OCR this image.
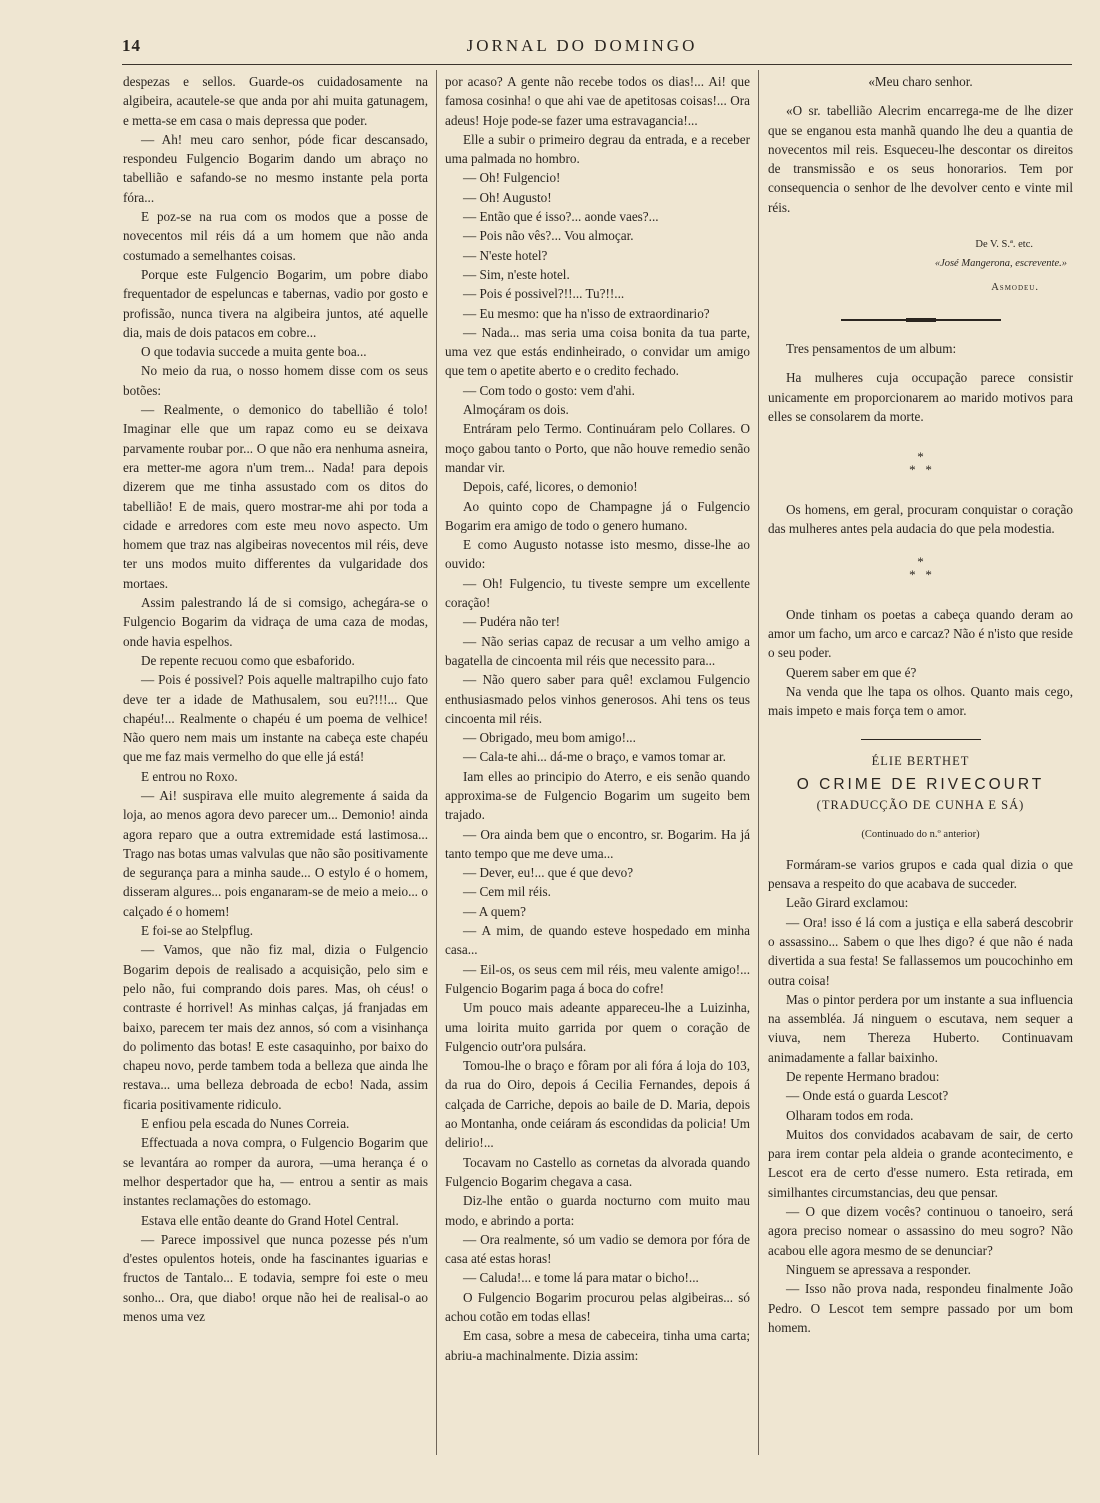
14	JORNAL DO DOMINGO

despezas e sellos. Guarde-os cuidadosamente na algibeira, acautele-se que anda por ahi muita gatunagem, e metta-se em casa o mais depressa que poder.

— Ah! meu caro senhor, póde ficar descansado, respondeu Fulgencio Bogarim dando um abraço no tabellião e safando-se no mesmo instante pela porta fóra...

E poz-se na rua com os modos que a posse de novecentos mil réis dá a um homem que não anda costumado a semelhantes coisas.

Porque este Fulgencio Bogarim, um pobre diabo frequentador de espeluncas e tabernas, vadio por gosto e profissão, nunca tivera na algibeira juntos, até aquelle dia, mais de dois patacos em cobre...

O que todavia succede a muita gente boa...

No meio da rua, o nosso homem disse com os seus botões:

— Realmente, o demonico do tabellião é tolo! Imaginar elle que um rapaz como eu se deixava parvamente roubar por... O que não era nenhuma asneira, era metter-me agora n'um trem... Nada! para depois dizerem que me tinha assustado com os ditos do tabellião! E de mais, quero mostrar-me ahi por toda a cidade e arredores com este meu novo aspecto. Um homem que traz nas algibeiras novecentos mil réis, deve ter uns modos muito differentes da vulgaridade dos mortaes.

Assim palestrando lá de si comsigo, achegára-se o Fulgencio Bogarim da vidraça de uma caza de modas, onde havia espelhos.

De repente recuou como que esbaforido.

— Pois é possivel? Pois aquelle maltrapilho cujo fato deve ter a idade de Mathusalem, sou eu?!!!... Que chapéu!... Realmente o chapéu é um poema de velhice! Não quero nem mais um instante na cabeça este chapéu que me faz mais vermelho do que elle já está!

E entrou no Roxo.

— Ai! suspirava elle muito alegremente á saida da loja, ao menos agora devo parecer um... Demonio! ainda agora reparo que a outra extremidade está lastimosa... Trago nas botas umas valvulas que não são positivamente de segurança para a minha saude... O estylo é o homem, disseram algures... pois enganaram-se de meio a meio... o calçado é o homem!

E foi-se ao Stelpflug.

— Vamos, que não fiz mal, dizia o Fulgencio Bogarim depois de realisado a acquisição, pelo sim e pelo não, fui comprando dois pares. Mas, oh céus! o contraste é horrivel! As minhas calças, já franjadas em baixo, parecem ter mais dez annos, só com a visinhança do polimento das botas! E este casaquinho, por baixo do chapeu novo, perde tambem toda a belleza que ainda lhe restava... uma belleza debroada de ecbo! Nada, assim ficaria positivamente ridiculo.

E enfiou pela escada do Nunes Correia.

Effectuada a nova compra, o Fulgencio Bogarim que se levantára ao romper da aurora, —uma herança é o melhor despertador que ha, — entrou a sentir as mais instantes reclamações do estomago.

Estava elle então deante do Grand Hotel Central.

— Parece impossivel que nunca pozesse pés n'um d'estes opulentos hoteis, onde ha fascinantes iguarias e fructos de Tantalo... E todavia, sempre foi este o meu sonho... Ora, que diabo! orque não hei de realisal-o ao menos uma vez

por acaso? A gente não recebe todos os dias!... Ai! que famosa cosinha! o que ahi vae de apetitosas coisas!... Ora adeus! Hoje pode-se fazer uma estravagancia!...

Elle a subir o primeiro degrau da entrada, e a receber uma palmada no hombro.

— Oh! Fulgencio!

— Oh! Augusto!

— Então que é isso?... aonde vaes?...

— Pois não vês?... Vou almoçar.

— N'este hotel?

— Sim, n'este hotel.

— Pois é possivel?!!... Tu?!!...

— Eu mesmo: que ha n'isso de extraordinario?

— Nada... mas seria uma coisa bonita da tua parte, uma vez que estás endinheirado, o convidar um amigo que tem o apetite aberto e o credito fechado.

— Com todo o gosto: vem d'ahi.

Almoçáram os dois.

Entráram pelo Termo. Continuáram pelo Collares. O moço gabou tanto o Porto, que não houve remedio senão mandar vir.

Depois, café, licores, o demonio!

Ao quinto copo de Champagne já o Fulgencio Bogarim era amigo de todo o genero humano.

E como Augusto notasse isto mesmo, disse-lhe ao ouvido:

— Oh! Fulgencio, tu tiveste sempre um excellente coração!

— Pudéra não ter!

— Não serias capaz de recusar a um velho amigo a bagatella de cincoenta mil réis que necessito para...

— Não quero saber para quê! exclamou Fulgencio enthusiasmado pelos vinhos generosos. Ahi tens os teus cincoenta mil réis.

— Obrigado, meu bom amigo!...

— Cala-te ahi... dá-me o braço, e vamos tomar ar.

Iam elles ao principio do Aterro, e eis senão quando approxima-se de Fulgencio Bogarim um sugeito bem trajado.

— Ora ainda bem que o encontro, sr. Bogarim. Ha já tanto tempo que me deve uma...

— Dever, eu!... que é que devo?

— Cem mil réis.

— A quem?

— A mim, de quando esteve hospedado em minha casa...

— Eil-os, os seus cem mil réis, meu valente amigo!... Fulgencio Bogarim paga á boca do cofre!

Um pouco mais adeante appareceu-lhe a Luizinha, uma loirita muito garrida por quem o coração de Fulgencio outr'ora pulsára.

Tomou-lhe o braço e fôram por ali fóra á loja do 103, da rua do Oiro, depois á Cecilia Fernandes, depois á calçada de Carriche, depois ao baile de D. Maria, depois ao Montanha, onde ceiáram ás escondidas da policia! Um delirio!...

Tocavam no Castello as cornetas da alvorada quando Fulgencio Bogarim chegava a casa.

Diz-lhe então o guarda nocturno com muito mau modo, e abrindo a porta:

— Ora realmente, só um vadio se demora por fóra de casa até estas horas!

— Caluda!... e tome lá para matar o bicho!...

O Fulgencio Bogarim procurou pelas algibeiras... só achou cotão em todas ellas!

Em casa, sobre a mesa de cabeceira, tinha uma carta; abriu-a machinalmente. Dizia assim:

«Meu charo senhor.

«O sr. tabellião Alecrim encarrega-me de lhe dizer que se enganou esta manhã quando lhe deu a quantia de novecentos mil reis. Esqueceu-lhe descontar os direitos de transmissão e os seus honorarios. Tem por consequencia o senhor de lhe devolver cento e vinte mil réis.

De V. S.ª. etc.

«José Mangerona, escrevente.»

Asmodeu.

Tres pensamentos de um album:

Ha mulheres cuja occupação parece consistir unicamente em proporcionarem ao marido motivos para elles se consolarem da morte.

*
*   *

Os homens, em geral, procuram conquistar o coração das mulheres antes pela audacia do que pela modestia.

*
*   *

Onde tinham os poetas a cabeça quando deram ao amor um facho, um arco e carcaz? Não é n'isto que reside o seu poder.

Querem saber em que é?

Na venda que lhe tapa os olhos. Quanto mais cego, mais impeto e mais força tem o amor.

ÉLIE BERTHET

O CRIME DE RIVECOURT
(TRADUCÇÃO DE CUNHA E SÁ)

(Continuado do n.º anterior)

Formáram-se varios grupos e cada qual dizia o que pensava a respeito do que acabava de succeder.

Leão Girard exclamou:

— Ora! isso é lá com a justiça e ella saberá descobrir o assassino... Sabem o que lhes digo? é que não é nada divertida a sua festa! Se fallassemos um poucochinho em outra coisa!

Mas o pintor perdera por um instante a sua influencia na assembléa. Já ninguem o escutava, nem sequer a viuva, nem Thereza Huberto. Continuavam animadamente a fallar baixinho.

De repente Hermano bradou:

— Onde está o guarda Lescot?

Olharam todos em roda.

Muitos dos convidados acabavam de sair, de certo para irem contar pela aldeia o grande acontecimento, e Lescot era de certo d'esse numero. Esta retirada, em similhantes circumstancias, deu que pensar.

— O que dizem vocês? continuou o tanoeiro, será agora preciso nomear o assassino do meu sogro? Não acabou elle agora mesmo de se denunciar?

Ninguem se apressava a responder.

— Isso não prova nada, respondeu finalmente João Pedro. O Lescot tem sempre passado por um bom homem.
